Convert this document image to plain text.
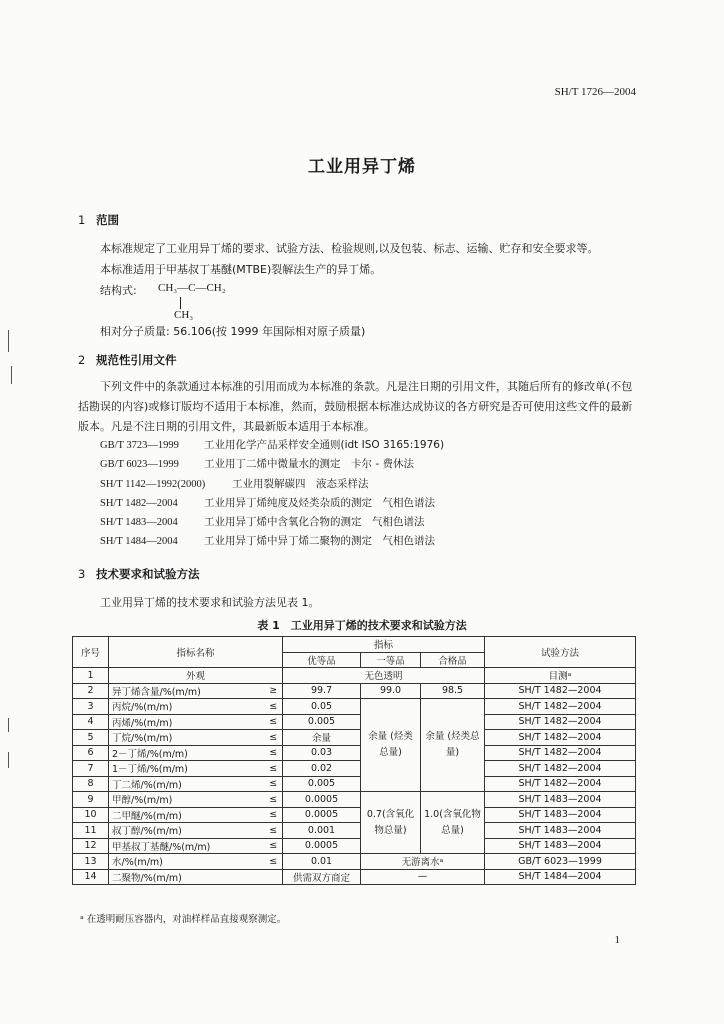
SH/T 1726—2004
工业用异丁烯
1 范围
本标准规定了工业用异丁烯的要求、试验方法、检验规则,以及包装、标志、运输、贮存和安全要求等。
本标准适用于甲基叔丁基醚(MTBE)裂解法生产的异丁烯。
结构式: CH₃—C—CH₂
CH₃
相对分子质量: 56.106(按 1999 年国际相对原子质量)
2 规范性引用文件
下列文件中的条款通过本标准的引用而成为本标准的条款。凡是注日期的引用文件，其随后所有的修改单(不包括勘误的内容)或修订版均不适用于本标准，然而，鼓励根据本标准达成协议的各方研究是否可使用这些文件的最新版本。凡是不注日期的引用文件，其最新版本适用于本标准。
GB/T 3723—1999 工业用化学产品采样安全通则(idt ISO 3165:1976)
GB/T 6023—1999 工业用丁二烯中微量水的测定　卡尔 - 费休法
SH/T 1142—1992(2000)	工业用裂解碳四　液态采样法
SH/T 1482—2004	工业用异丁烯纯度及烃类杂质的测定　气相色谱法
SH/T 1483—2004	工业用异丁烯中含氧化合物的测定　气相色谱法
SH/T 1484—2004	工业用异丁烯中异丁烯二聚物的测定　气相色谱法
3 技术要求和试验方法
工业用异丁烯的技术要求和试验方法见表 1。
表 1　工业用异丁烯的技术要求和试验方法
序号	指标名称		指标			试验方法
			优等品	一等品	合格品	
1	外观		无色透明			目测ᵃ
2	异丁烯含量/%(m/m)	≥	99.7	99.0	98.5	SH/T 1482—2004
3	丙烷/%(m/m)	≤	0.05	余量 (烃类总量)	余量 (烃类总量)	SH/T 1482—2004
4	丙烯/%(m/m)	≤	0.005			SH/T 1482—2004
5	丁烷/%(m/m)	≤	余量			SH/T 1482—2004
6	2－丁烯/%(m/m)	≤	0.03			SH/T 1482—2004
7	1－丁烯/%(m/m)	≤	0.02			SH/T 1482—2004
8	丁二烯/%(m/m)	≤	0.005			SH/T 1482—2004
9	甲醇/%(m/m)	≤	0.0005	0.7(含氧化物总量)	1.0(含氧化物总量)	SH/T 1483—2004
10	二甲醚/%(m/m)	≤	0.0005			SH/T 1483—2004
11	叔丁醇/%(m/m)	≤	0.001			SH/T 1483—2004
12	甲基叔丁基醚/%(m/m)	≤	0.0005			SH/T 1483—2004
13	水/%(m/m)	≤	0.01	无游离水ᵃ		GB/T 6023—1999
14	二聚物/%(m/m)		供需双方商定	—		SH/T 1484—2004
ᵃ 在透明耐压容器内，对油样样品直接观察测定。
1
